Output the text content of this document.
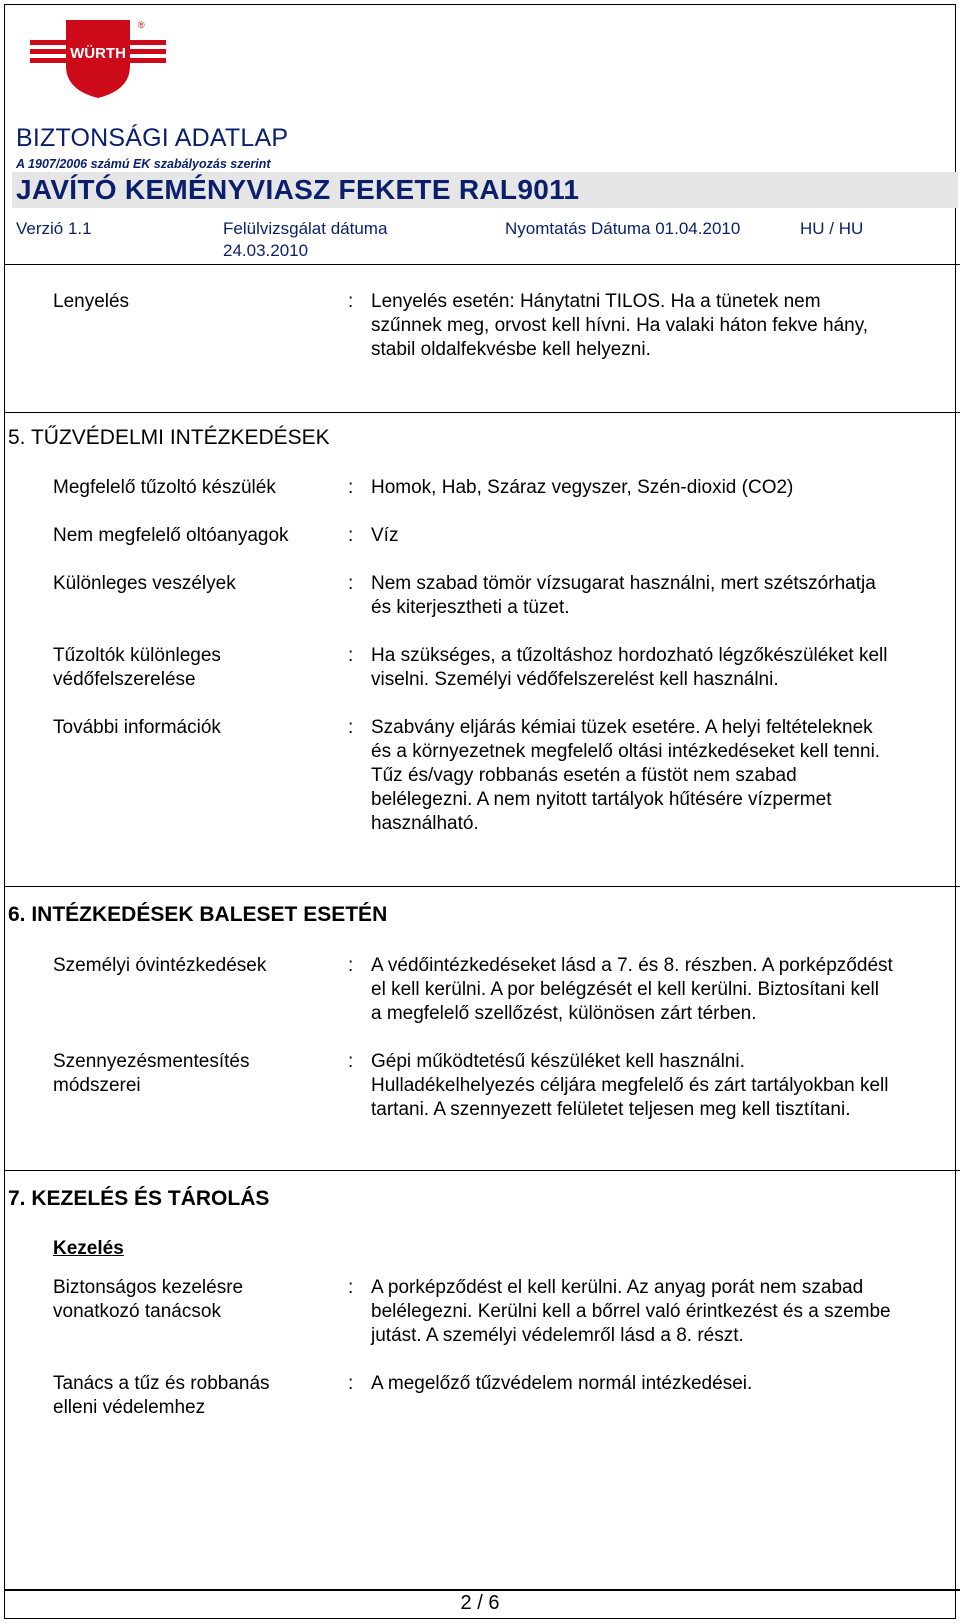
WÜRTH
®
BIZTONSÁGI ADATLAP
A 1907/2006 számú EK szabályozás szerint
JAVÍTÓ KEMÉNYVIASZ FEKETE RAL9011
Verzió 1.1	Felülvizsgálat dátuma
24.03.2010
Nyomtatás Dátuma 01.04.2010	HU / HU
Lenyelés	: Lenyelés esetén: Hánytatni TILOS. Ha a tünetek nem
szűnnek meg, orvost kell hívni. Ha valaki háton fekve hány,
stabil oldalfekvésbe kell helyezni.
5. TŰZVÉDELMI INTÉZKEDÉSEK
Megfelelő tűzoltó készülék	: Homok, Hab, Száraz vegyszer, Szén-dioxid (CO2)
Nem megfelelő oltóanyagok	: Víz
Különleges veszélyek	: Nem szabad tömör vízsugarat használni, mert szétszórhatja
és kiterjesztheti a tüzet.
Tűzoltók különleges
védőfelszerelése
: Ha szükséges, a tűzoltáshoz hordozható légzőkészüléket kell
viselni. Személyi védőfelszerelést kell használni.
További információk	: Szabvány eljárás kémiai tüzek esetére. A helyi feltételeknek
és a környezetnek megfelelő oltási intézkedéseket kell tenni.
Tűz és/vagy robbanás esetén a füstöt nem szabad
belélegezni. A nem nyitott tartályok hűtésére vízpermet
használható.
6. INTÉZKEDÉSEK BALESET ESETÉN
Személyi óvintézkedések	: A védőintézkedéseket lásd a 7. és 8. részben. A porképződést
el kell kerülni. A por belégzését el kell kerülni. Biztosítani kell
a megfelelő szellőzést, különösen zárt térben.
Szennyezésmentesítés
módszerei
: Gépi működtetésű készüléket kell használni.
Hulladékelhelyezés céljára megfelelő és zárt tartályokban kell
tartani. A szennyezett felületet teljesen meg kell tisztítani.
7. KEZELÉS ÉS TÁROLÁS
Kezelés
Biztonságos kezelésre
vonatkozó tanácsok
: A porképződést el kell kerülni. Az anyag porát nem szabad
belélegezni. Kerülni kell a bőrrel való érintkezést és a szembe
jutást. A személyi védelemről lásd a 8. részt.
Tanács a tűz és robbanás
elleni védelemhez
: A megelőző tűzvédelem normál intézkedései.
2 / 6
